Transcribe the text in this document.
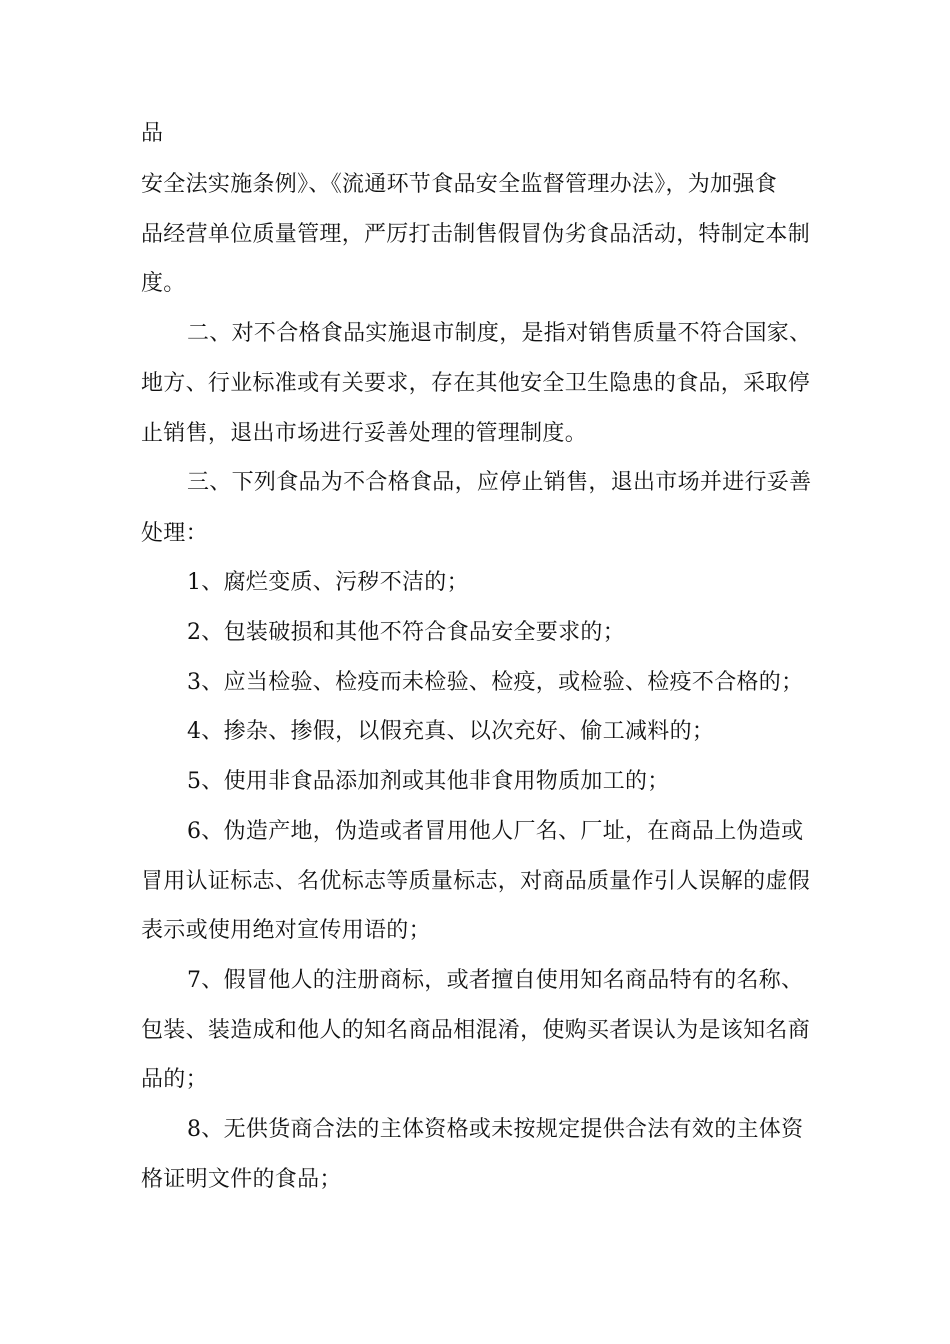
品
安全法实施条例》、《流通环节食品安全监督管理办法》，为加强食
品经营单位质量管理，严厉打击制售假冒伪劣食品活动，特制定本制
度。
二、对不合格食品实施退市制度，是指对销售质量不符合国家、
地方、行业标准或有关要求，存在其他安全卫生隐患的食品，采取停
止销售，退出市场进行妥善处理的管理制度。
三、下列食品为不合格食品，应停止销售，退出市场并进行妥善
处理：
1、腐烂变质、污秽不洁的；
2、包装破损和其他不符合食品安全要求的；
3、应当检验、检疫而未检验、检疫，或检验、检疫不合格的；
4、掺杂、掺假，以假充真、以次充好、偷工减料的；
5、使用非食品添加剂或其他非食用物质加工的；
6、伪造产地，伪造或者冒用他人厂名、厂址，在商品上伪造或
冒用认证标志、名优标志等质量标志，对商品质量作引人误解的虚假
表示或使用绝对宣传用语的；
7、假冒他人的注册商标，或者擅自使用知名商品特有的名称、
包装、装造成和他人的知名商品相混淆，使购买者误认为是该知名商
品的；
8、无供货商合法的主体资格或未按规定提供合法有效的主体资
格证明文件的食品；
